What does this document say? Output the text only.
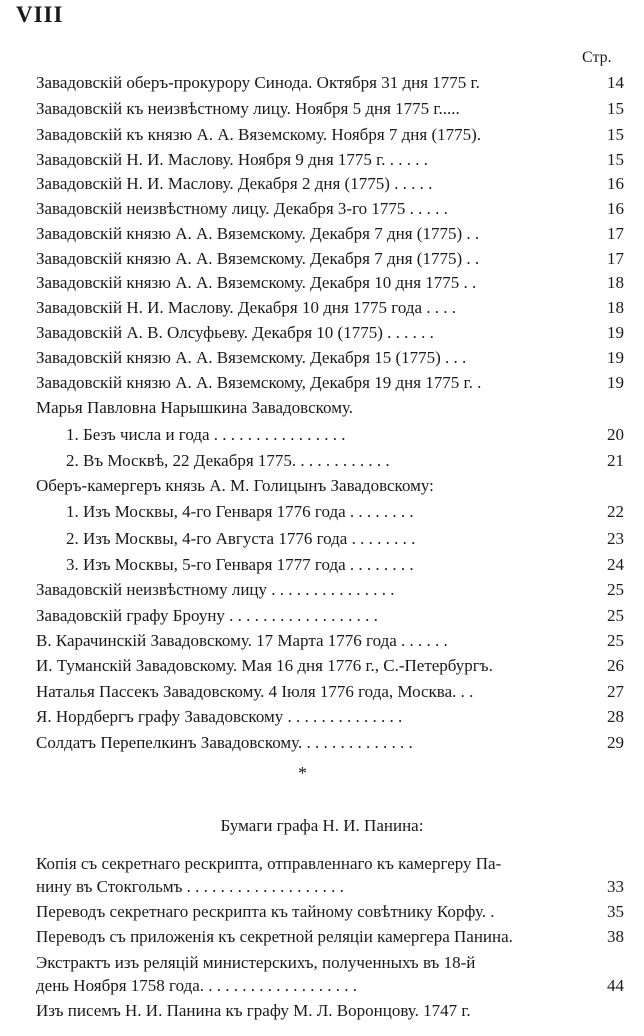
VIII
Стр.
Завадовскій оберъ-прокурору Синода. Октября 31 дня 1775 г.	14
Завадовскій къ неизвѣстному лицу. Ноября 5 дня 1775 г.....	15
Завадовскій къ князю А. А. Вяземскому. Ноября 7 дня (1775).	15
Завадовскій Н. И. Маслову. Ноября 9 дня 1775 г. . . . . .	15
Завадовскій Н. И. Маслову. Декабря 2 дня (1775) . . . . .	16
Завадовскій неизвѣстному лицу. Декабря 3-го 1775 . . . . .	16
Завадовскій князю А. А. Вяземскому. Декабря 7 дня (1775) . .	17
Завадовскій князю А. А. Вяземскому. Декабря 7 дня (1775) . .	17
Завадовскій князю А. А. Вяземскому. Декабря 10 дня 1775 . .	18
Завадовскій Н. И. Маслову. Декабря 10 дня 1775 года . . . .	18
Завадовскій А. В. Олсуфьеву. Декабря 10 (1775) . . . . . .	19
Завадовскій князю А. А. Вяземскому. Декабря 15 (1775) . . .	19
Завадовскій князю А. А. Вяземскому, Декабря 19 дня 1775 г. .	19
Марья Павловна Нарышкина Завадовскому.
1. Безъ числа и года . . . . . . . . . . . . . . . .	20
2. Въ Москвѣ, 22 Декабря 1775. . . . . . . . . . . .	21
Оберъ-камергеръ князь А. М. Голицынъ Завадовскому:
1. Изъ Москвы, 4-го Генваря 1776 года . . . . . . . .	22
2. Изъ Москвы, 4-го Августа 1776 года . . . . . . . .	23
3. Изъ Москвы, 5-го Генваря 1777 года . . . . . . . .	24
Завадовскій неизвѣстному лицу . . . . . . . . . . . . . . .	25
Завадовскій графу Броуну . . . . . . . . . . . . . . . . . .	25
В. Карачинскій Завадовскому. 17 Марта 1776 года . . . . . .	25
И. Туманскій Завадовскому. Мая 16 дня 1776 г., С.-Петербургъ.	26
Наталья Пассекъ Завадовскому. 4 Іюля 1776 года, Москва. . .	27
Я. Нордбергъ графу Завадовскому . . . . . . . . . . . . . .	28
Солдатъ Перепелкинъ Завадовскому. . . . . . . . . . . . . .	29
*
Бумаги графа Н. И. Панина:
Копія съ секретнаго рескрипта, отправленнаго къ камергеру Па-
нину въ Стокгольмъ . . . . . . . . . . . . . . . . . . .	33
Переводъ секретнаго рескрипта къ тайному совѣтнику Корфу. .	35
Переводъ съ приложенія къ секретной реляціи камергера Панина.	38
Экстрактъ изъ реляцій министерскихъ, полученныхъ въ 18-й
день Ноября 1758 года. . . . . . . . . . . . . . . . . . .	44
Изъ писемъ Н. И. Панина къ графу М. Л. Воронцову. 1747 г.
